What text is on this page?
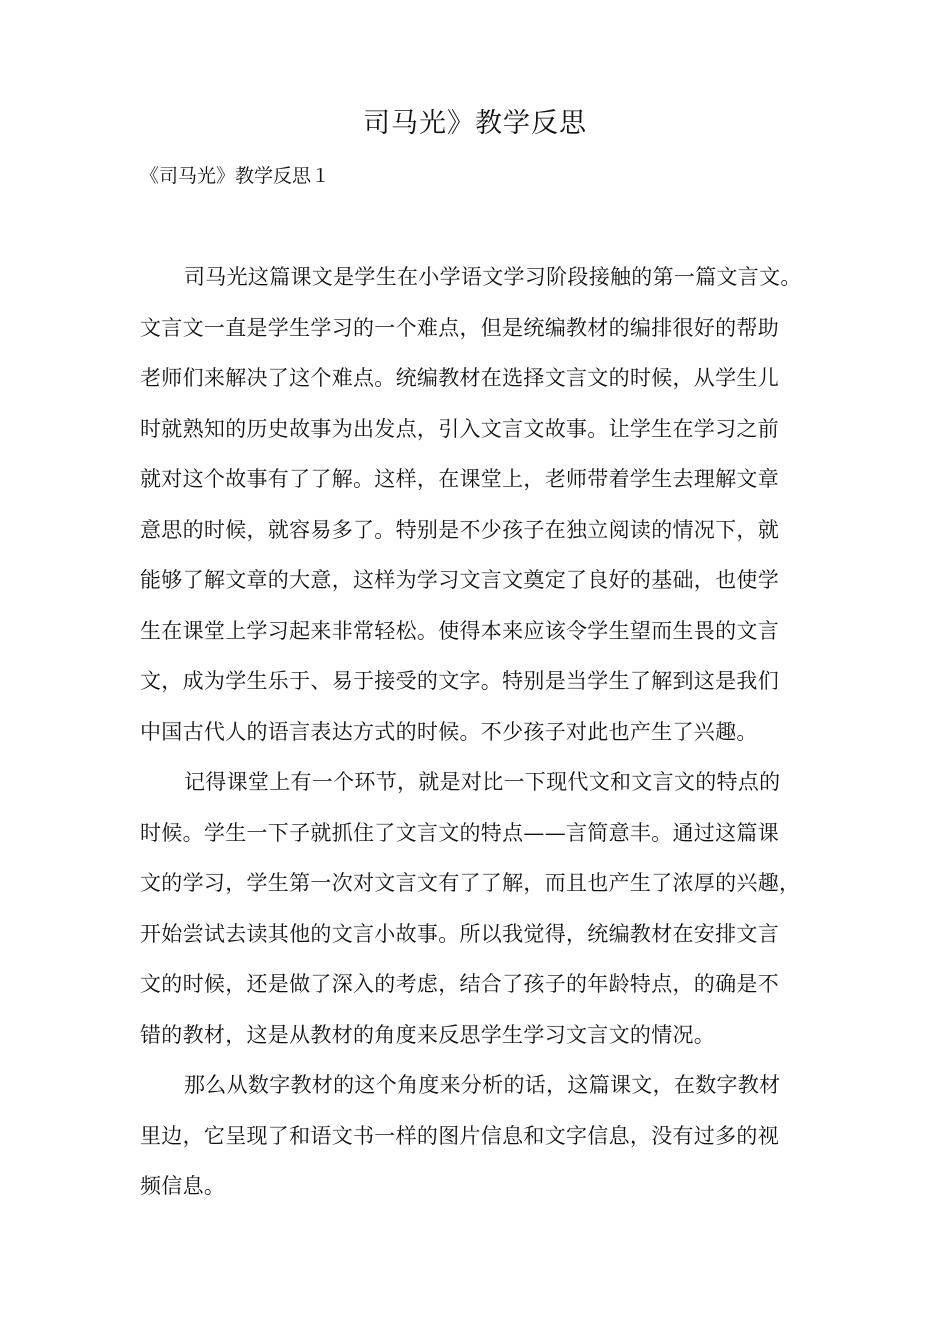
司马光》教学反思
《司马光》教学反思１
司马光这篇课文是学生在小学语文学习阶段接触的第一篇文言文。
文言文一直是学生学习的一个难点，但是统编教材的编排很好的帮助
老师们来解决了这个难点。统编教材在选择文言文的时候，从学生儿
时就熟知的历史故事为出发点，引入文言文故事。让学生在学习之前
就对这个故事有了了解。这样，在课堂上，老师带着学生去理解文章
意思的时候，就容易多了。特别是不少孩子在独立阅读的情况下，就
能够了解文章的大意，这样为学习文言文奠定了良好的基础，也使学
生在课堂上学习起来非常轻松。使得本来应该令学生望而生畏的文言
文，成为学生乐于、易于接受的文字。特别是当学生了解到这是我们
中国古代人的语言表达方式的时候。不少孩子对此也产生了兴趣。
记得课堂上有一个环节，就是对比一下现代文和文言文的特点的
时候。学生一下子就抓住了文言文的特点——言简意丰。通过这篇课
文的学习，学生第一次对文言文有了了解，而且也产生了浓厚的兴趣，
开始尝试去读其他的文言小故事。所以我觉得，统编教材在安排文言
文的时候，还是做了深入的考虑，结合了孩子的年龄特点，的确是不
错的教材，这是从教材的角度来反思学生学习文言文的情况。
那么从数字教材的这个角度来分析的话，这篇课文，在数字教材
里边，它呈现了和语文书一样的图片信息和文字信息，没有过多的视
频信息。
